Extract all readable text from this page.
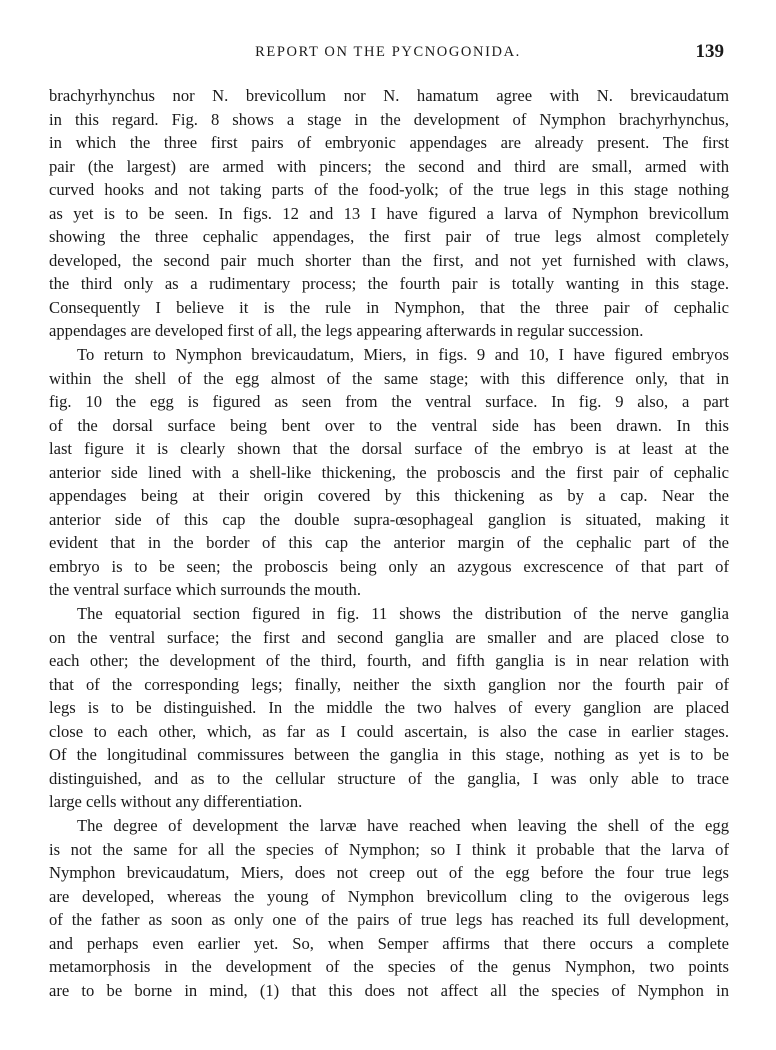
REPORT ON THE PYCNOGONIDA.	139
brachyrhynchus nor N. brevicollum nor N. hamatum agree with N. brevicaudatum
in this regard. Fig. 8 shows a stage in the development of Nymphon brachyrhynchus,
in which the three first pairs of embryonic appendages are already present. The first
pair (the largest) are armed with pincers; the second and third are small, armed with
curved hooks and not taking parts of the food-yolk; of the true legs in this stage nothing
as yet is to be seen. In figs. 12 and 13 I have figured a larva of Nymphon brevicollum
showing the three cephalic appendages, the first pair of true legs almost completely
developed, the second pair much shorter than the first, and not yet furnished with claws,
the third only as a rudimentary process; the fourth pair is totally wanting in this stage.
Consequently I believe it is the rule in Nymphon, that the three pair of cephalic
appendages are developed first of all, the legs appearing afterwards in regular succession.
To return to Nymphon brevicaudatum, Miers, in figs. 9 and 10, I have figured embryos
within the shell of the egg almost of the same stage; with this difference only, that in
fig. 10 the egg is figured as seen from the ventral surface. In fig. 9 also, a part
of the dorsal surface being bent over to the ventral side has been drawn. In this
last figure it is clearly shown that the dorsal surface of the embryo is at least at the
anterior side lined with a shell-like thickening, the proboscis and the first pair of cephalic
appendages being at their origin covered by this thickening as by a cap. Near the
anterior side of this cap the double supra-œsophageal ganglion is situated, making it
evident that in the border of this cap the anterior margin of the cephalic part of the
embryo is to be seen; the proboscis being only an azygous excrescence of that part of
the ventral surface which surrounds the mouth.
The equatorial section figured in fig. 11 shows the distribution of the nerve ganglia
on the ventral surface; the first and second ganglia are smaller and are placed close to
each other; the development of the third, fourth, and fifth ganglia is in near relation with
that of the corresponding legs; finally, neither the sixth ganglion nor the fourth pair of
legs is to be distinguished. In the middle the two halves of every ganglion are placed
close to each other, which, as far as I could ascertain, is also the case in earlier stages.
Of the longitudinal commissures between the ganglia in this stage, nothing as yet is to be
distinguished, and as to the cellular structure of the ganglia, I was only able to trace
large cells without any differentiation.
The degree of development the larvæ have reached when leaving the shell of the egg
is not the same for all the species of Nymphon; so I think it probable that the larva of
Nymphon brevicaudatum, Miers, does not creep out of the egg before the four true legs
are developed, whereas the young of Nymphon brevicollum cling to the ovigerous legs
of the father as soon as only one of the pairs of true legs has reached its full development,
and perhaps even earlier yet. So, when Semper affirms that there occurs a complete
metamorphosis in the development of the species of the genus Nymphon, two points
are to be borne in mind, (1) that this does not affect all the species of Nymphon in
